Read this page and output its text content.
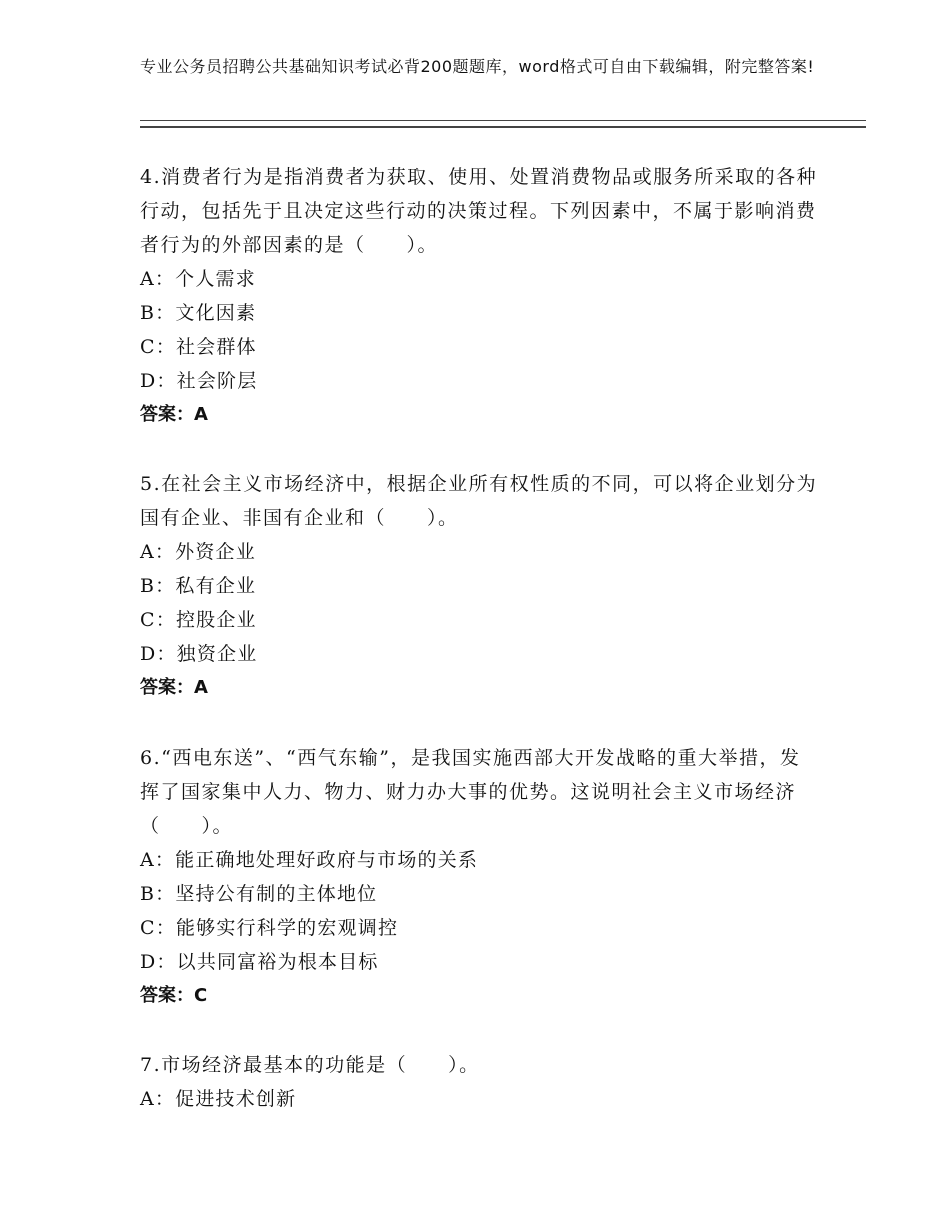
专业公务员招聘公共基础知识考试必背200题题库，word格式可自由下载编辑，附完整答案!

4.消费者行为是指消费者为获取、使用、处置消费物品或服务所采取的各种行动，包括先于且决定这些行动的决策过程。下列因素中，不属于影响消费者行为的外部因素的是（　　）。

A：个人需求

B：文化因素

C：社会群体

D：社会阶层

答案：A

5.在社会主义市场经济中，根据企业所有权性质的不同，可以将企业划分为国有企业、非国有企业和（　　）。

A：外资企业

B：私有企业

C：控股企业

D：独资企业

答案：A

6.“西电东送”、“西气东输”，是我国实施西部大开发战略的重大举措，发挥了国家集中人力、物力、财力办大事的优势。这说明社会主义市场经济（　　）。

A：能正确地处理好政府与市场的关系

B：坚持公有制的主体地位

C：能够实行科学的宏观调控

D：以共同富裕为根本目标

答案：C

7.市场经济最基本的功能是（　　）。

A：促进技术创新
